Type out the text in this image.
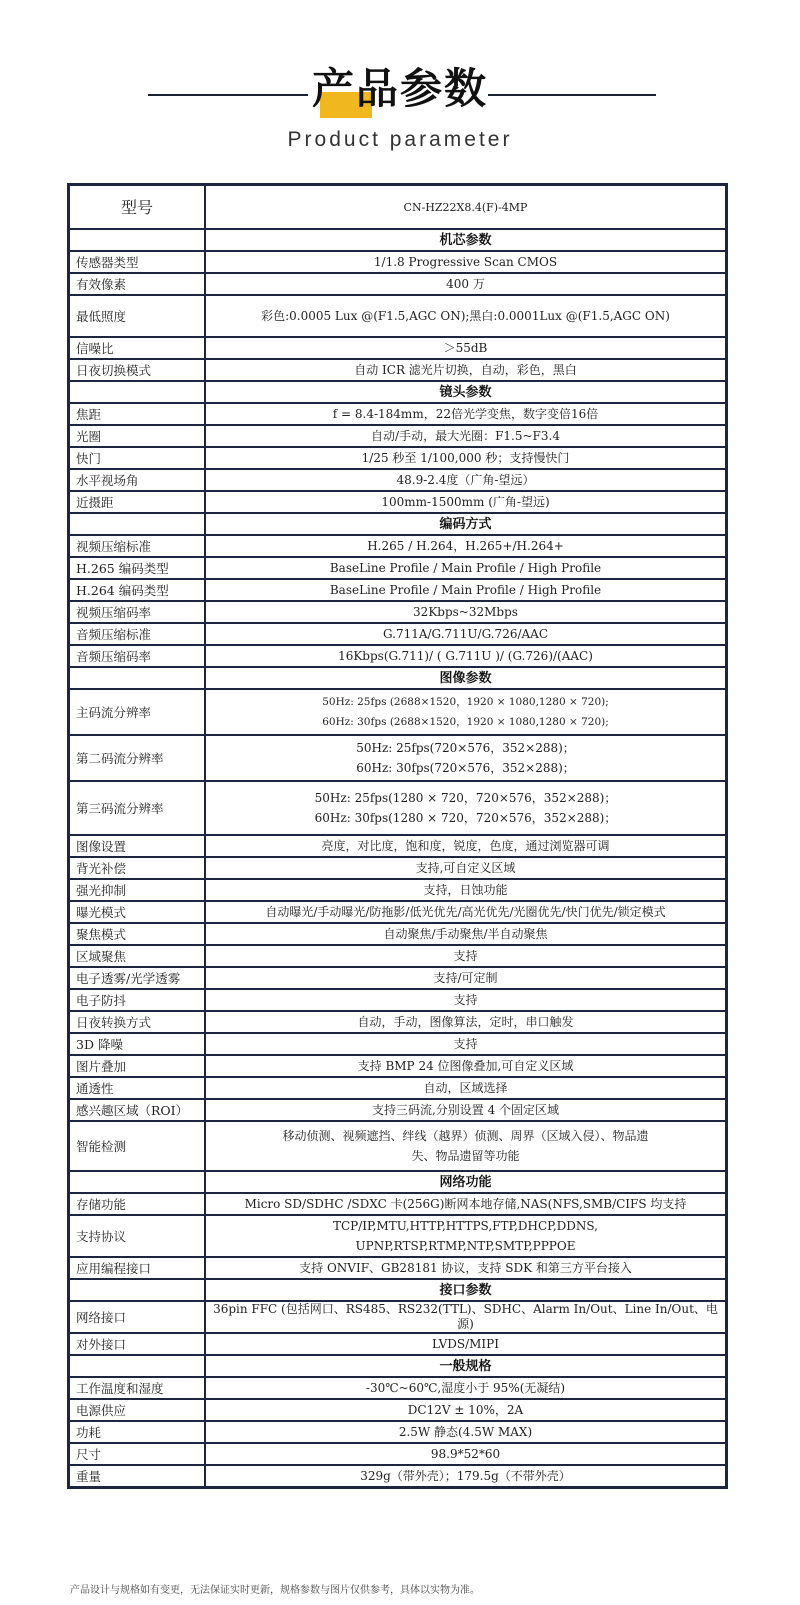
产品参数
Product parameter
型号	CN-HZ22X8.4(F)-4MP
	机芯参数
传感器类型	1/1.8 Progressive Scan CMOS

有效像素	400 万

最低照度	彩色:0.0005 Lux @(F1.5,AGC ON);黑白:0.0001Lux @(F1.5,AGC ON)

信噪比	＞55dB

日夜切换模式	自动 ICR 滤光片切换，自动，彩色，黑白

	镜头参数
焦距	f = 8.4-184mm，22倍光学变焦，数字变倍16倍

光圈	自动/手动，最大光圈：F1.5~F3.4

快门	1/25 秒至 1/100,000 秒；支持慢快门

水平视场角	48.9-2.4度（广角-望远）

近摄距	100mm-1500mm (广角-望远)

	编码方式
视频压缩标准	H.265 / H.264，H.265+/H.264+

H.265 编码类型	BaseLine Profile / Main Profile / High Profile

H.264 编码类型	BaseLine Profile / Main Profile / High Profile

视频压缩码率	32Kbps~32Mbps

音频压缩标准	G.711A/G.711U/G.726/AAC

音频压缩码率	16Kbps(G.711)/ ( G.711U )/ (G.726)/(AAC)

	图像参数
主码流分辨率	50Hz: 25fps (2688×1520，1920 × 1080,1280 × 720);
60Hz: 30fps (2688×1520，1920 × 1080,1280 × 720);

第二码流分辨率	50Hz: 25fps(720×576，352×288)；
60Hz: 30fps(720×576，352×288)；

第三码流分辨率	50Hz: 25fps(1280 × 720，720×576，352×288)；
60Hz: 30fps(1280 × 720，720×576，352×288)；

图像设置	亮度，对比度，饱和度，锐度，色度，通过浏览器可调

背光补偿	支持,可自定义区域

强光抑制	支持，日蚀功能

曝光模式	自动曝光/手动曝光/防拖影/低光优先/高光优先/光圈优先/快门优先/锁定模式

聚焦模式	自动聚焦/手动聚焦/半自动聚焦

区域聚焦	支持

电子透雾/光学透雾	支持/可定制

电子防抖	支持

日夜转换方式	自动，手动，图像算法，定时，串口触发

3D 降噪	支持

图片叠加	支持 BMP 24 位图像叠加,可自定义区域

通透性	自动，区域选择

感兴趣区域（ROI）	支持三码流,分别设置 4 个固定区域

智能检测	移动侦测、视频遮挡、绊线（越界）侦测、周界（区域入侵）、物品遗
失、物品遗留等功能

	网络功能
存储功能	Micro SD/SDHC /SDXC 卡(256G)断网本地存储,NAS(NFS,SMB/CIFS 均支持

支持协议	TCP/IP,MTU,HTTP,HTTPS,FTP,DHCP,DDNS,
UPNP,RTSP,RTMP,NTP,SMTP,PPPOE

应用编程接口	支持 ONVIF、GB28181 协议，支持 SDK 和第三方平台接入

	接口参数
网络接口	36pin FFC (包括网口、RS485、RS232(TTL)、SDHC、Alarm In/Out、Line In/Out、电源)

对外接口	LVDS/MIPI

	一般规格
工作温度和湿度	-30℃~60℃,湿度小于 95%(无凝结)

电源供应	DC12V ± 10%，2A

功耗	2.5W 静态(4.5W MAX)

尺寸	98.9*52*60

重量	329g（带外壳）；179.5g（不带外壳）
产品设计与规格如有变更，无法保证实时更新，规格参数与图片仅供参考，具体以实物为准。
